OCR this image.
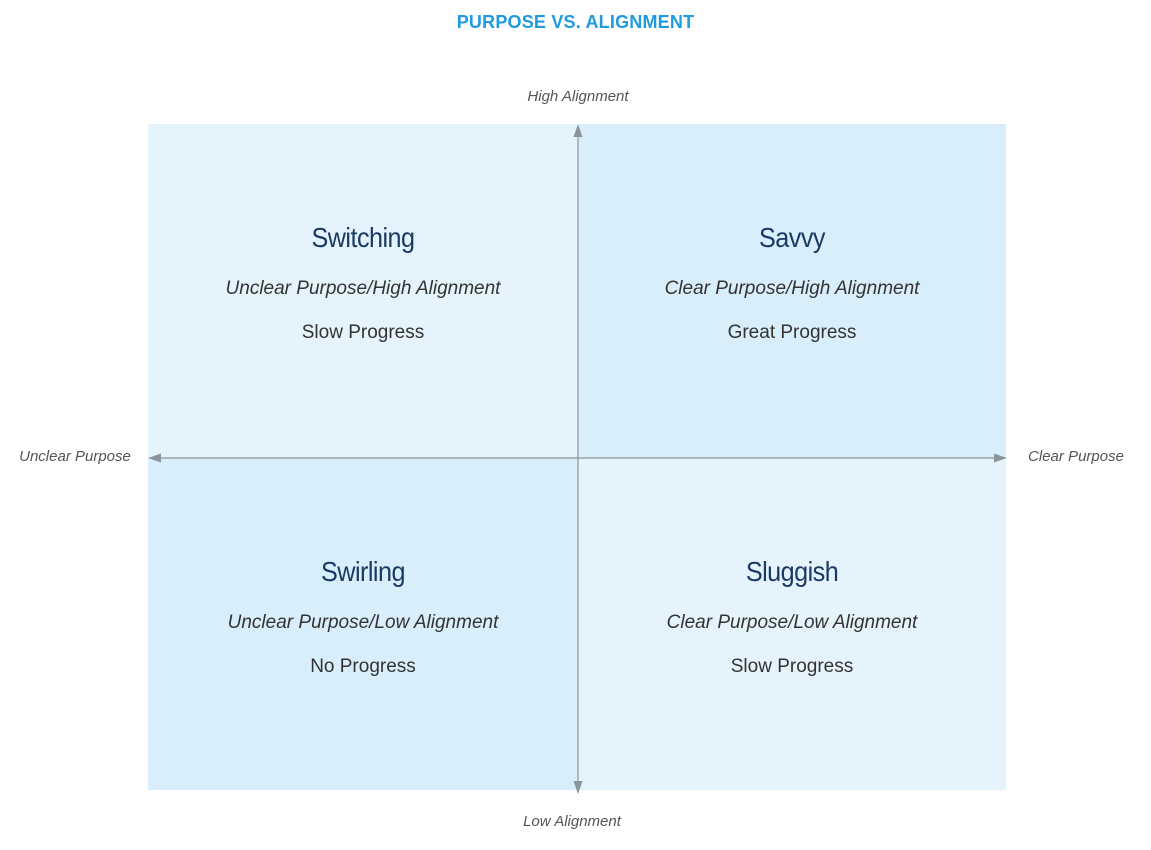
PURPOSE VS. ALIGNMENT
High Alignment
Low Alignment
Unclear Purpose	Clear Purpose
Switching
Unclear Purpose/High Alignment
Slow Progress
Savvy
Clear Purpose/High Alignment
Great Progress
Swirling
Unclear Purpose/Low Alignment
No Progress
Sluggish
Clear Purpose/Low Alignment
Slow Progress
